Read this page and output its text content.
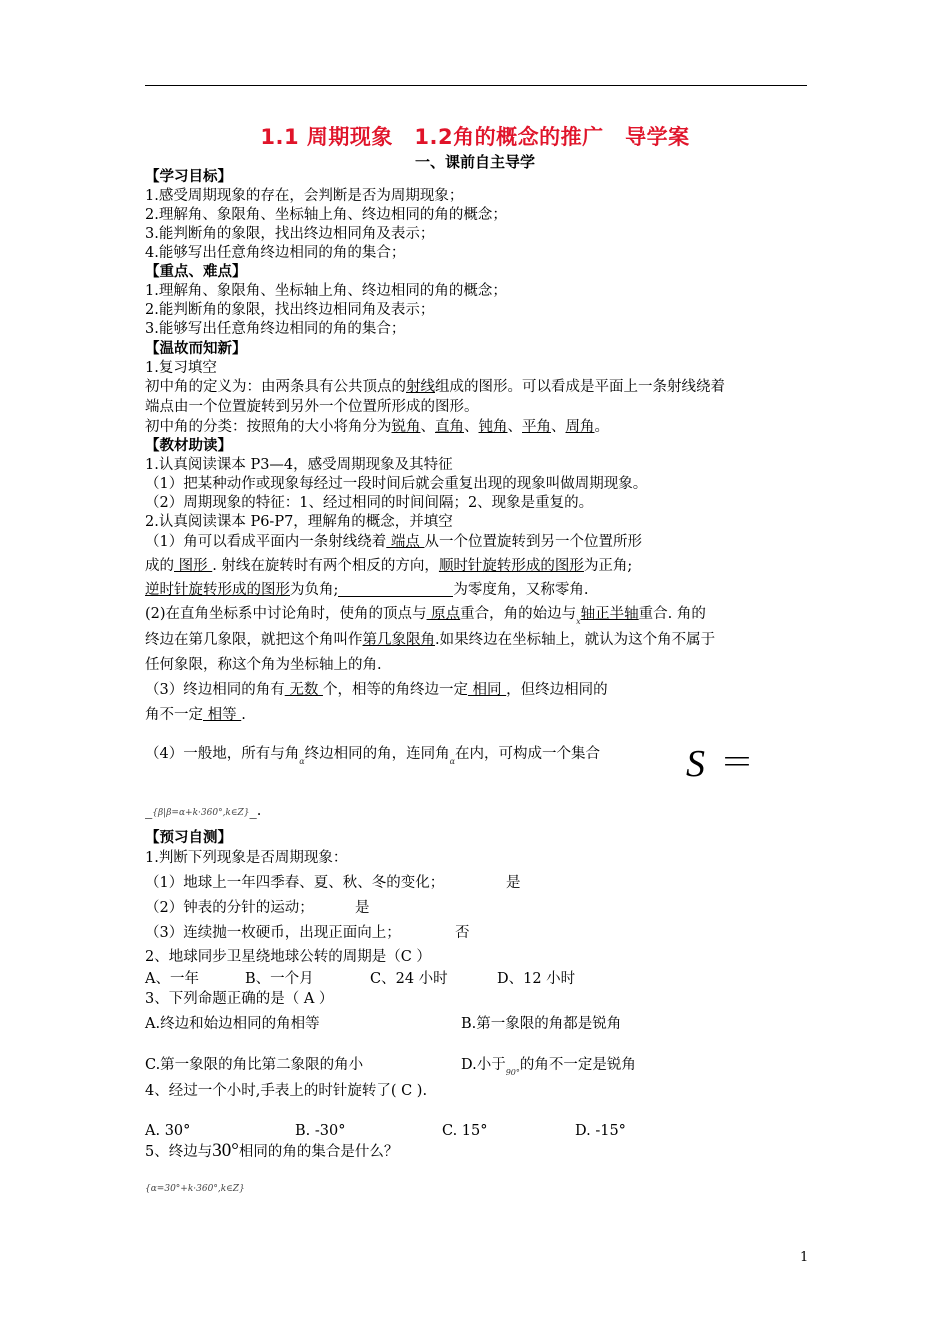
1.1 周期现象　1.2角的概念的推广　导学案
一、课前自主导学
【学习目标】
1.感受周期现象的存在，会判断是否为周期现象；
2.理解角、象限角、坐标轴上角、终边相同的角的概念；
3.能判断角的象限，找出终边相同角及表示；
4.能够写出任意角终边相同的角的集合；
【重点、难点】
1.理解角、象限角、坐标轴上角、终边相同的角的概念；
2.能判断角的象限，找出终边相同角及表示；
3.能够写出任意角终边相同的角的集合；
【温故而知新】
1.复习填空
初中角的定义为：由两条具有公共顶点的射线组成的图形。可以看成是平面上一条射线绕着
端点由一个位置旋转到另外一个位置所形成的图形。
初中角的分类：按照角的大小将角分为锐角、直角、钝角、平角、周角。
【教材助读】
1.认真阅读课本 P3—4，感受周期现象及其特征
（1）把某种动作或现象每经过一段时间后就会重复出现的现象叫做周期现象。
（2）周期现象的特征：1、经过相同的时间间隔；2、现象是重复的。
2.认真阅读课本 P6-P7，理解角的概念，并填空
（1）角可以看成平面内一条射线绕着 端点 从一个位置旋转到另一个位置所形
成的 图形 . 射线在旋转时有两个相反的方向，顺时针旋转形成的图形为正角;
逆时针旋转形成的图形为负角;	为零度角，又称零角.
(2)在直角坐标系中讨论角时，使角的顶点与 原点重合，角的始边与$_x$轴正半轴重合. 角的
终边在第几象限，就把这个角叫作第几象限角.如果终边在坐标轴上，就认为这个角不属于
任何象限，称这个角为坐标轴上的角.
（3）终边相同的角有 无数 个，相等的角终边一定 相同 ，但终边相同的
角不一定 相等 .
（4）一般地，所有与角$_\alpha$终边相同的角，连同角$_\alpha$在内，可构成一个集合 S ＝
_{β|β=α+k·360°,k∈Z}_.
【预习自测】
1.判断下列现象是否周期现象：
（1）地球上一年四季春、夏、秋、冬的变化；	是
（2）钟表的分针的运动；	是
（3）连续抛一枚硬币，出现正面向上；	否
2、地球同步卫星绕地球公转的周期是（C ）
A、一年	B、一个月	C、24 小时	D、12 小时
3、下列命题正确的是（ A ）
A.终边和始边相同的角相等	B.第一象限的角都是锐角
C.第一象限的角比第二象限的角小	D.小于$_{90^\circ}$的角不一定是锐角
4、经过一个小时,手表上的时针旋转了( C ).
A. 30°	B. -30°	C. 15°	D. -15°
5、终边与30°相同的角的集合是什么？
{α=30°+k·360°,k∈Z}
1
